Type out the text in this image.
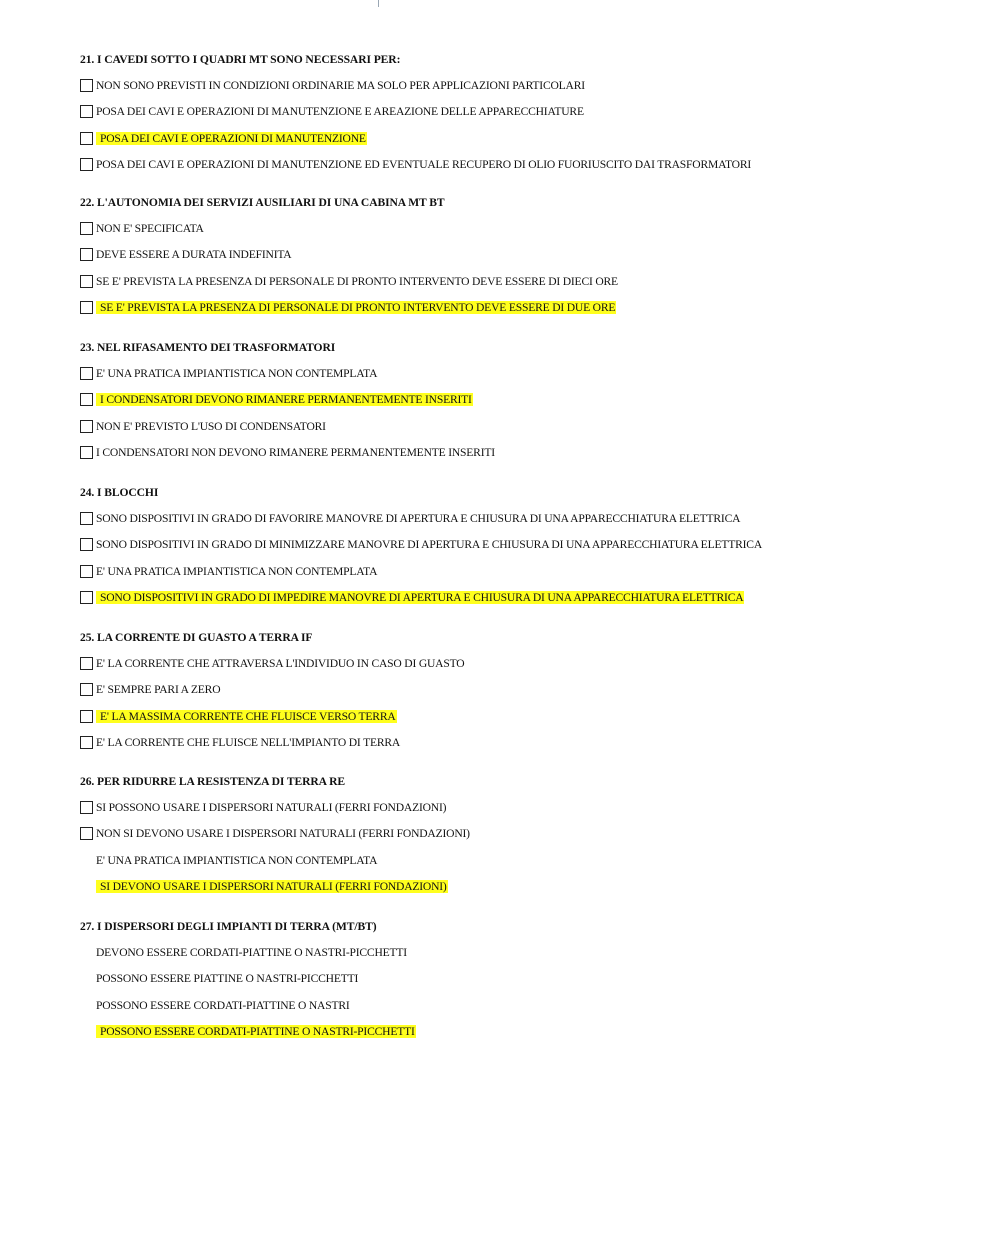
21. I CAVEDI SOTTO I QUADRI MT SONO NECESSARI PER:
NON SONO PREVISTI IN CONDIZIONI ORDINARIE MA SOLO PER APPLICAZIONI PARTICOLARI
POSA DEI CAVI E OPERAZIONI DI MANUTENZIONE E AREAZIONE DELLE APPARECCHIATURE
POSA DEI CAVI E OPERAZIONI DI MANUTENZIONE
POSA DEI CAVI E OPERAZIONI DI MANUTENZIONE ED EVENTUALE RECUPERO DI OLIO FUORIUSCITO DAI TRASFORMATORI
22. L'AUTONOMIA DEI SERVIZI AUSILIARI DI UNA CABINA MT BT
NON E' SPECIFICATA
DEVE ESSERE A DURATA INDEFINITA
SE E' PREVISTA LA PRESENZA DI PERSONALE DI PRONTO INTERVENTO DEVE ESSERE DI DIECI ORE
SE E' PREVISTA LA PRESENZA DI PERSONALE DI PRONTO INTERVENTO DEVE ESSERE DI DUE ORE
23. NEL RIFASAMENTO DEI TRASFORMATORI
E' UNA PRATICA IMPIANTISTICA NON CONTEMPLATA
I CONDENSATORI DEVONO RIMANERE PERMANENTEMENTE INSERITI
NON E' PREVISTO L'USO DI CONDENSATORI
I CONDENSATORI NON DEVONO RIMANERE PERMANENTEMENTE INSERITI
24. I BLOCCHI
SONO DISPOSITIVI IN GRADO DI FAVORIRE MANOVRE DI APERTURA E CHIUSURA DI UNA APPARECCHIATURA ELETTRICA
SONO DISPOSITIVI IN GRADO DI MINIMIZZARE MANOVRE DI APERTURA E CHIUSURA DI UNA APPARECCHIATURA ELETTRICA
E' UNA PRATICA IMPIANTISTICA NON CONTEMPLATA
SONO DISPOSITIVI IN GRADO DI IMPEDIRE MANOVRE DI APERTURA E CHIUSURA DI UNA APPARECCHIATURA ELETTRICA
25. LA CORRENTE DI GUASTO A TERRA IF
E' LA CORRENTE CHE ATTRAVERSA L'INDIVIDUO IN CASO DI GUASTO
E' SEMPRE PARI A ZERO
E' LA MASSIMA CORRENTE CHE FLUISCE VERSO TERRA
E' LA CORRENTE CHE FLUISCE NELL'IMPIANTO DI TERRA
26. PER RIDURRE LA RESISTENZA DI TERRA RE
SI POSSONO USARE I DISPERSORI NATURALI (FERRI FONDAZIONI)
NON SI DEVONO USARE I DISPERSORI NATURALI (FERRI FONDAZIONI)
E' UNA PRATICA IMPIANTISTICA NON CONTEMPLATA
SI DEVONO USARE I DISPERSORI NATURALI (FERRI FONDAZIONI)
27. I DISPERSORI DEGLI IMPIANTI DI TERRA (MT/BT)
DEVONO ESSERE CORDATI-PIATTINE O NASTRI-PICCHETTI
POSSONO ESSERE PIATTINE O NASTRI-PICCHETTI
POSSONO ESSERE CORDATI-PIATTINE O NASTRI
POSSONO ESSERE CORDATI-PIATTINE O NASTRI-PICCHETTI
